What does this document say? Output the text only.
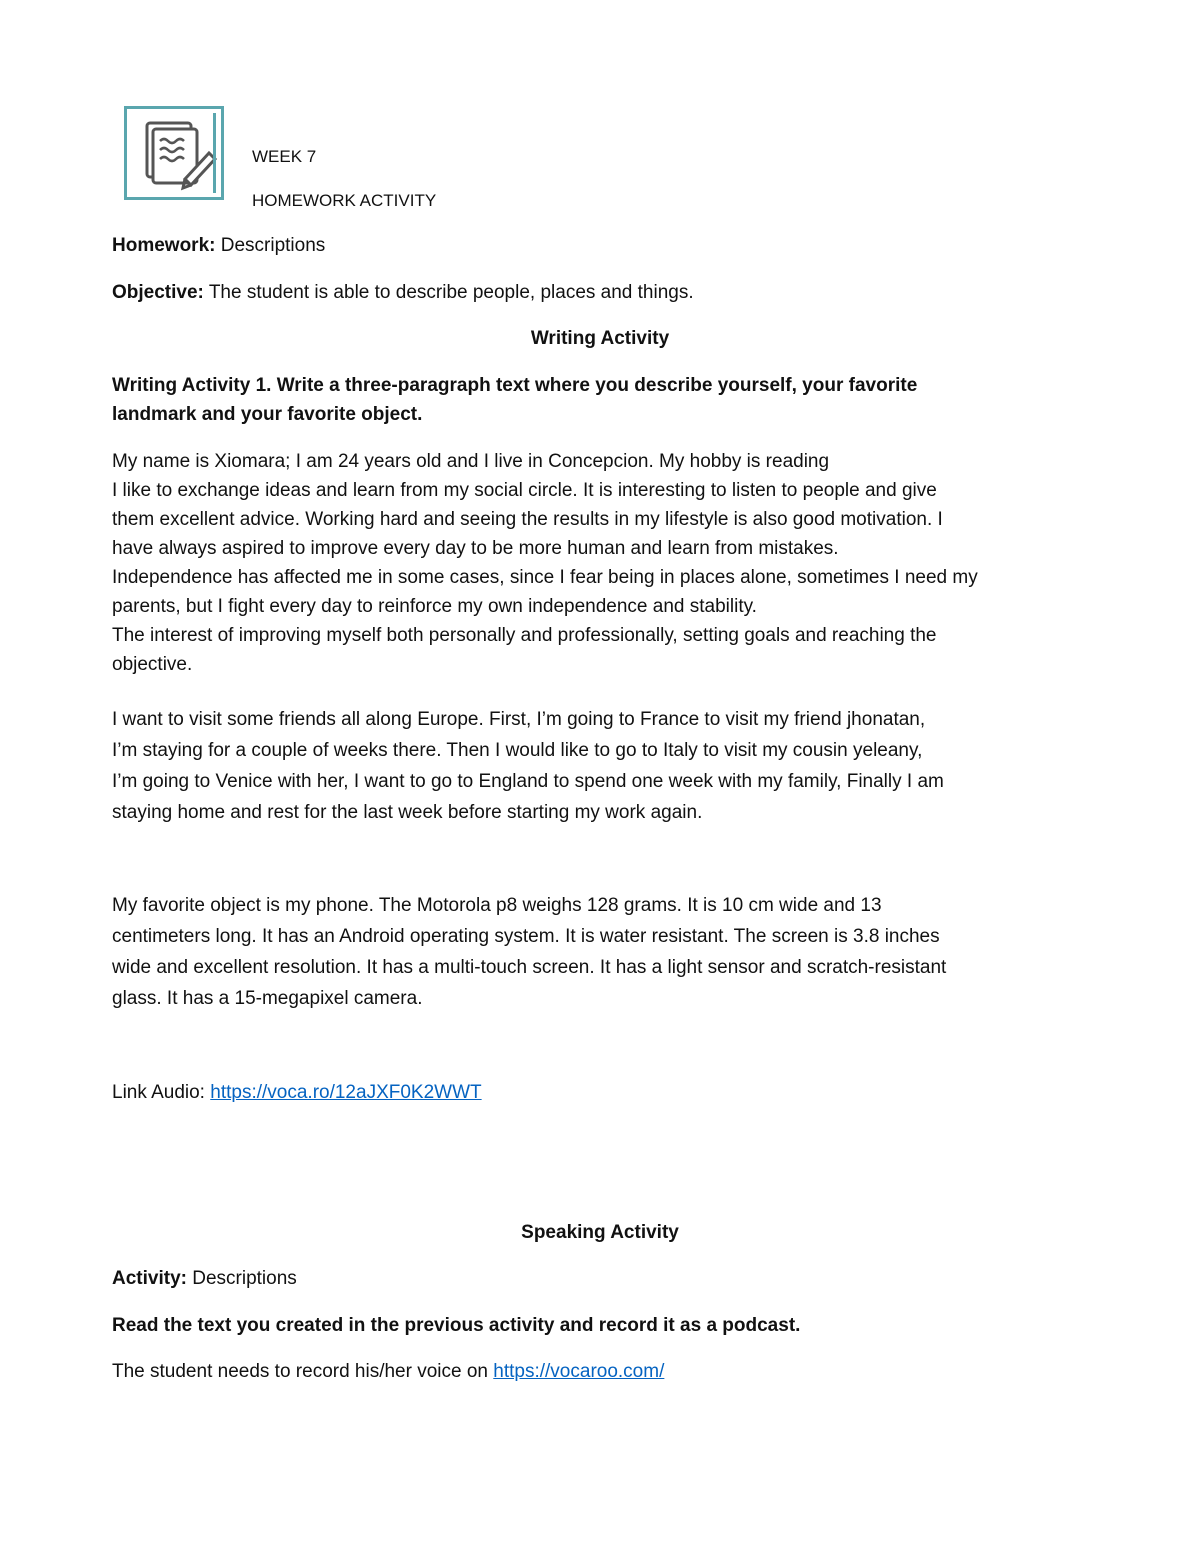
WEEK 7

HOMEWORK ACTIVITY

Homework: Descriptions

Objective: The student is able to describe people, places and things.

Writing Activity

Writing Activity 1. Write a three-paragraph text where you describe yourself, your favorite
landmark and your favorite object.
My name is Xiomara; I am 24 years old and I live in Concepcion. My hobby is reading
I like to exchange ideas and learn from my social circle. It is interesting to listen to people and give
them excellent advice. Working hard and seeing the results in my lifestyle is also good motivation. I
have always aspired to improve every day to be more human and learn from mistakes.
Independence has affected me in some cases, since I fear being in places alone, sometimes I need my
parents, but I fight every day to reinforce my own independence and stability.
The interest of improving myself both personally and professionally, setting goals and reaching the
objective.
I want to visit some friends all along Europe. First, I’m going to France to visit my friend jhonatan,
I’m staying for a couple of weeks there. Then I would like to go to Italy to visit my cousin yeleany,
I’m going to Venice with her, I want to go to England to spend one week with my family, Finally I am
staying home and rest for the last week before starting my work again.
My favorite object is my phone. The Motorola p8 weighs 128 grams. It is 10 cm wide and 13
centimeters long. It has an Android operating system. It is water resistant. The screen is 3.8 inches
wide and excellent resolution. It has a multi-touch screen. It has a light sensor and scratch-resistant
glass. It has a 15-megapixel camera.

Link Audio: https://voca.ro/12aJXF0K2WWT

Speaking Activity

Activity: Descriptions

Read the text you created in the previous activity and record it as a podcast.

The student needs to record his/her voice on https://vocaroo.com/
